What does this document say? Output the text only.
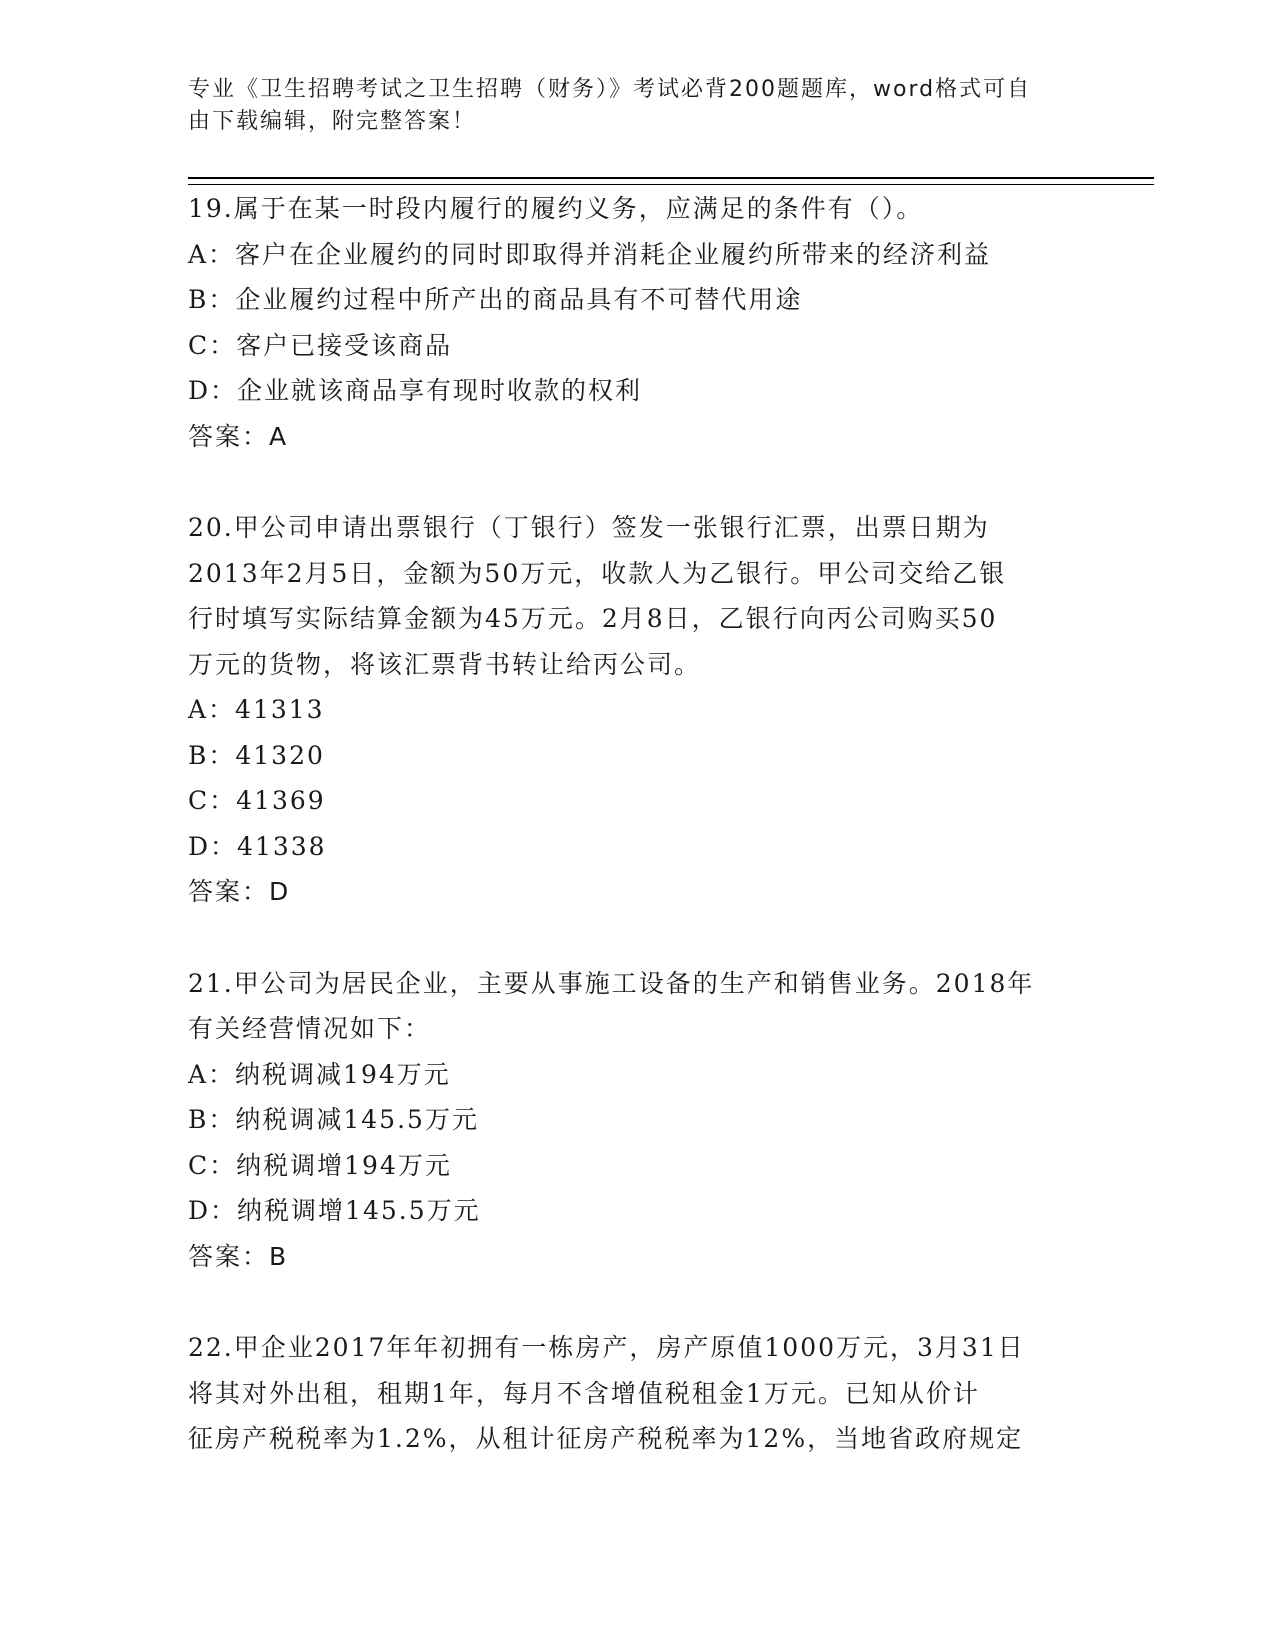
专业《卫生招聘考试之卫生招聘（财务）》考试必背200题题库，word格式可自
由下载编辑，附完整答案！
19.属于在某一时段内履行的履约义务，应满足的条件有（）。
A：客户在企业履约的同时即取得并消耗企业履约所带来的经济利益
B：企业履约过程中所产出的商品具有不可替代用途
C：客户已接受该商品
D：企业就该商品享有现时收款的权利
答案：A
20.甲公司申请出票银行（丁银行）签发一张银行汇票，出票日期为
2013年2月5日，金额为50万元，收款人为乙银行。甲公司交给乙银
行时填写实际结算金额为45万元。2月8日，乙银行向丙公司购买50
万元的货物，将该汇票背书转让给丙公司。
A：41313
B：41320
C：41369
D：41338
答案：D
21.甲公司为居民企业，主要从事施工设备的生产和销售业务。2018年
有关经营情况如下：
A：纳税调减194万元
B：纳税调减145.5万元
C：纳税调增194万元
D：纳税调增145.5万元
答案：B
22.甲企业2017年年初拥有一栋房产，房产原值1000万元，3月31日
将其对外出租，租期1年，每月不含增值税租金1万元。已知从价计
征房产税税率为1.2%，从租计征房产税税率为12%，当地省政府规定
